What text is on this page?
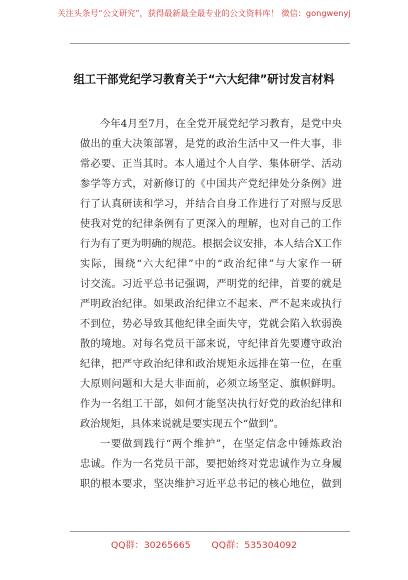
关注头条号“公文研究”，获得最新最全最专业的公文资料库！ 微信：gongwenyj
组工干部党纪学习教育关于“六大纪律”研讨发言材料
今年4月至7月，在全党开展党纪学习教育，是党中央
做出的重大决策部署，是党的政治生活中又一件大事，非
常必要、正当其时。本人通过个人自学、集体研学、活动
参学等方式，对新修订的《中国共产党纪律处分条例》进
行了认真研读和学习，并结合自身工作进行了对照与反思
使我对党的纪律条例有了更深入的理解，也对自己的工作
行为有了更为明确的规范。根据会议安排，本人结合X工作
实际，围绕“六大纪律”中的“政治纪律”与大家作一研
讨交流。习近平总书记强调，严明党的纪律，首要的就是
严明政治纪律。如果政治纪律立不起来、严不起来或执行
不到位，势必导致其他纪律全面失守，党就会陷入软弱涣
散的境地。对每名党员干部来说，守纪律首先要遵守政治
纪律，把严守政治纪律和政治规矩永远排在第一位，在重
大原则问题和大是大非面前，必须立场坚定、旗帜鲜明。
作为一名组工干部，如何才能坚决执行好党的政治纪律和
政治规矩，具体来说就是要实现五个“做到”。
一要做到践行“两个维护”，在坚定信念中锤炼政治
忠诚。作为一名党员干部，要把始终对党忠诚作为立身履
职的根本要求，坚决维护习近平总书记的核心地位，做到
QQ群：30265665 QQ群：535304092
